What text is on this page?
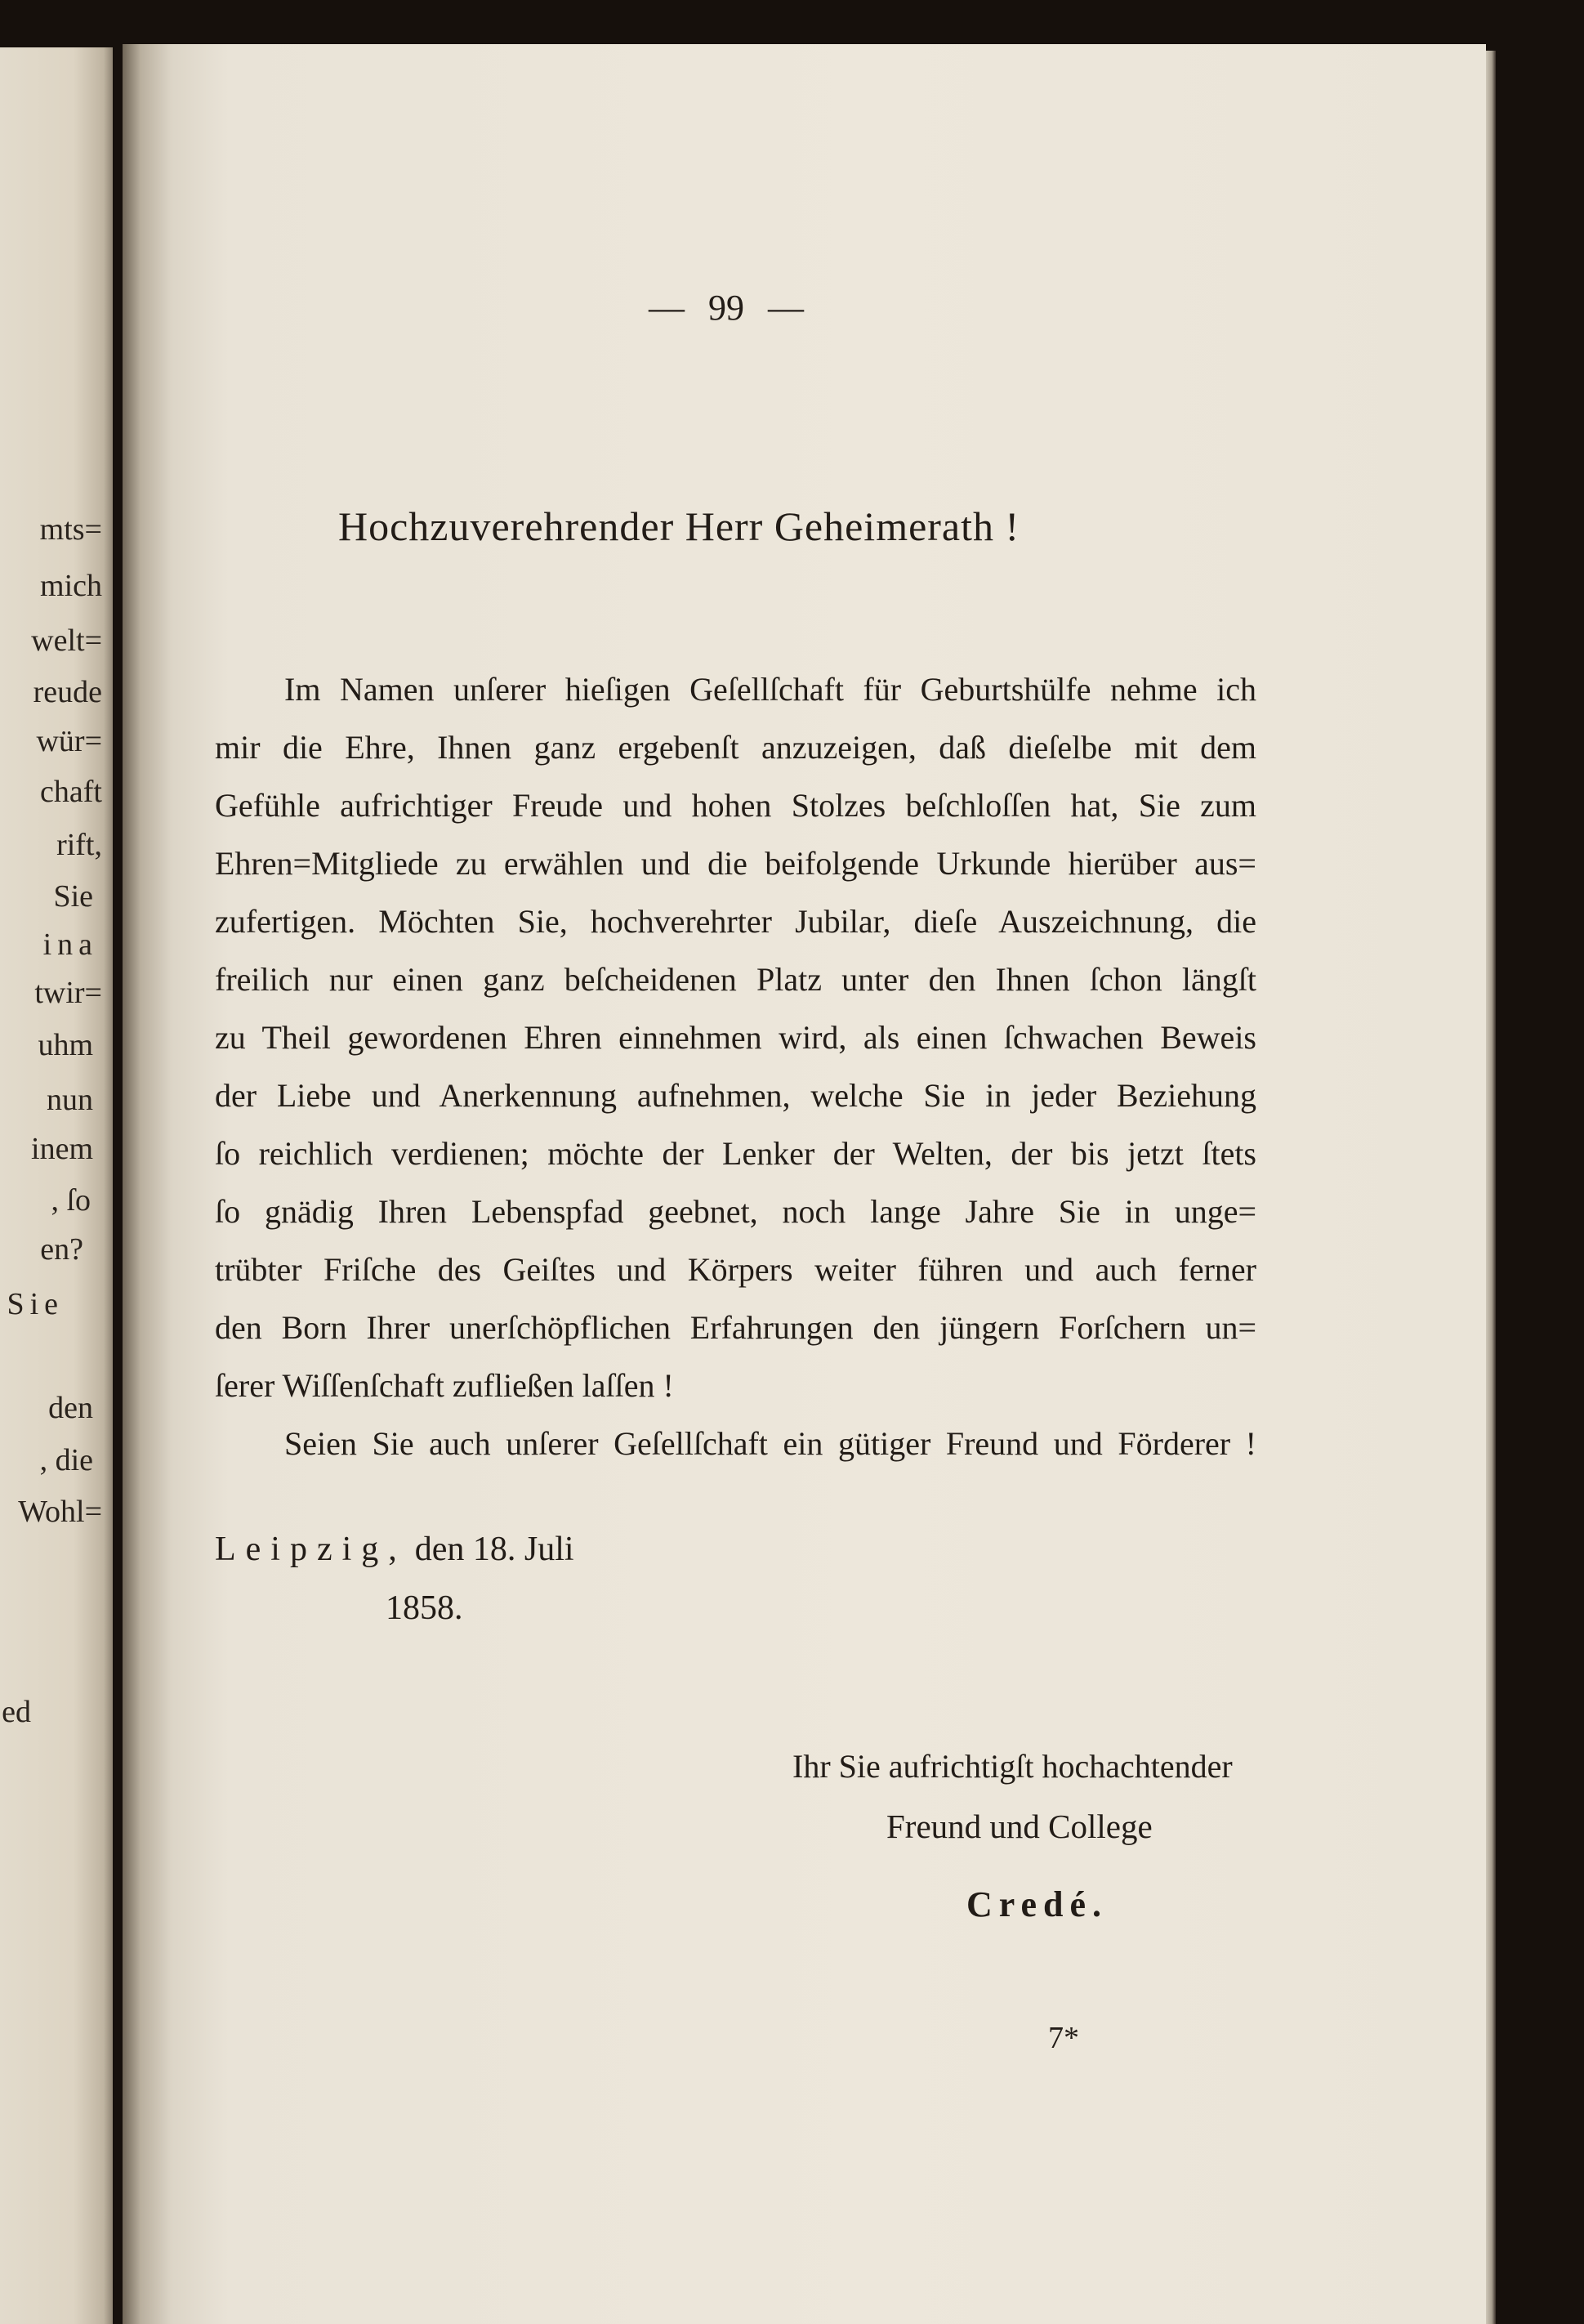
mts=
mich
welt=
reude
wür=
chaft
rift,
Sie
ina
twir=
uhm
nun
inem
, ſo
en?
Sie
den
, die
Wohl=
ed
— 99 —
Hochzuverehrender Herr Geheimerath !
Im Namen unſerer hieſigen Geſellſchaft für Geburtshülfe nehme ich
mir die Ehre, Ihnen ganz ergebenſt anzuzeigen, daß dieſelbe mit dem
Gefühle aufrichtiger Freude und hohen Stolzes beſchloſſen hat, Sie zum
Ehren=Mitgliede zu erwählen und die beifolgende Urkunde hierüber aus=
zufertigen. Möchten Sie, hochverehrter Jubilar, dieſe Auszeichnung, die
freilich nur einen ganz beſcheidenen Platz unter den Ihnen ſchon längſt
zu Theil gewordenen Ehren einnehmen wird, als einen ſchwachen Beweis
der Liebe und Anerkennung aufnehmen, welche Sie in jeder Beziehung
ſo reichlich verdienen; möchte der Lenker der Welten, der bis jetzt ſtets
ſo gnädig Ihren Lebenspfad geebnet, noch lange Jahre Sie in unge=
trübter Friſche des Geiſtes und Körpers weiter führen und auch ferner
den Born Ihrer unerſchöpflichen Erfahrungen den jüngern Forſchern un=
ſerer Wiſſenſchaft zufließen laſſen !
Seien Sie auch unſerer Geſellſchaft ein gütiger Freund und Förderer !
Leipzig, den 18. Juli
1858.
Ihr Sie aufrichtigſt hochachtender
Freund und College
Credé.
7*
